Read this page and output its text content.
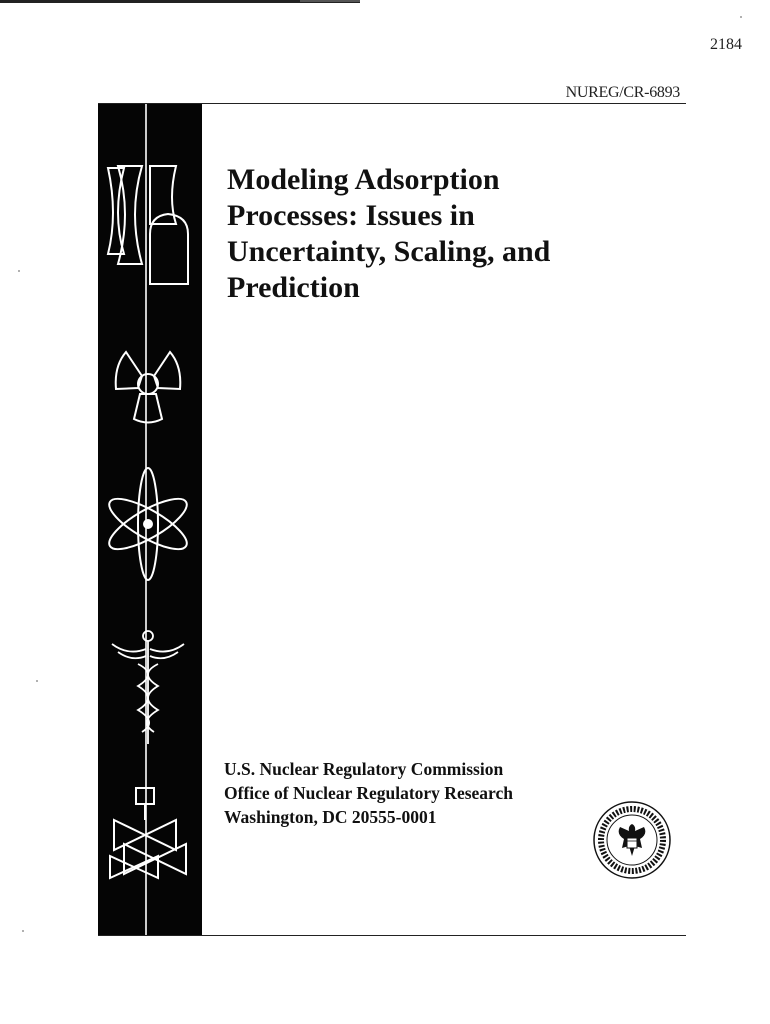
2184
NUREG/CR-6893
Modeling Adsorption
Processes: Issues in
Uncertainty, Scaling, and
Prediction
U.S. Nuclear Regulatory Commission
Office of Nuclear Regulatory Research
Washington, DC 20555-0001
